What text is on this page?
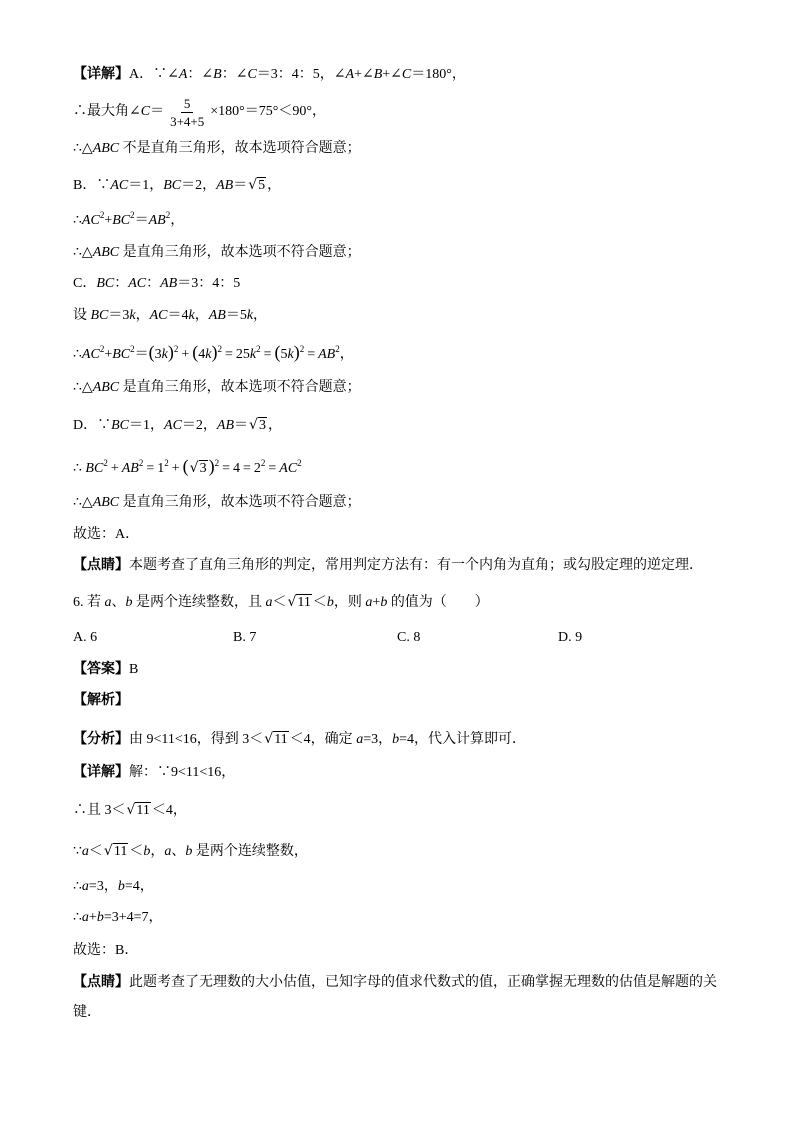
【详解】 A．∵∠ A ：∠ B ：∠ C ＝3：4：5，∠ A +∠ B +∠ C ＝180°，
∴最大角∠ $C = \frac{5}{3+4+5} \times 180^\circ=75^\circ<90^\circ$，
∴△ ABC 不是直角三角形，故本选项符合题意；
B．∵ AC ＝1， BC ＝2， AB ＝ √ 5 ，
∴ AC 2 + BC 2 ＝ AB 2 ，
∴△ ABC 是直角三角形，故本选项不符合题意；
C． BC ： AC ： AB ＝3：4：5
设 BC ＝3 k ， AC ＝4 k ， AB ＝5 k ，
∴ AC 2 + BC 2 ＝ ( 3 k ) 2 + ( 4 k ) 2 = 25 k 2 = ( 5 k ) 2 = AB 2 ，
∴△ ABC 是直角三角形，故本选项不符合题意；
D．∵ BC ＝1， AC ＝2， AB ＝ √ 3 ，
∴ BC 2 + AB 2 = 1 2 + ( √ 3 ) 2 = 4 = 2 2 = AC 2
∴△ ABC 是直角三角形，故本选项不符合题意；
故选：A．
【点睛】 本题考查了直角三角形的判定，常用判定方法有：有一个内角为直角；或勾股定理的逆定理．
6. 若 a 、 b 是两个连续整数，且 a ＜ √ 11 ＜ b ，则 a + b 的值为（　　）
A. 6	B. 7	C. 8	D. 9
【答案】 B
【解析】
【分析】 由 9<11<16，得到 3＜ √ 11 ＜4，确定 a =3， b =4，代入计算即可．
【详解】 解：∵9<11<16，
∴且 3＜ √ 11 ＜4，
∵ a ＜ √ 11 ＜ b ， a 、 b 是两个连续整数，
∴ a =3， b =4，
∴ a + b =3+4=7，
故选：B．
【点睛】 此题考查了无理数的大小估值，已知字母的值求代数式的值，正确掌握无理数的估值是解题的关
键．
